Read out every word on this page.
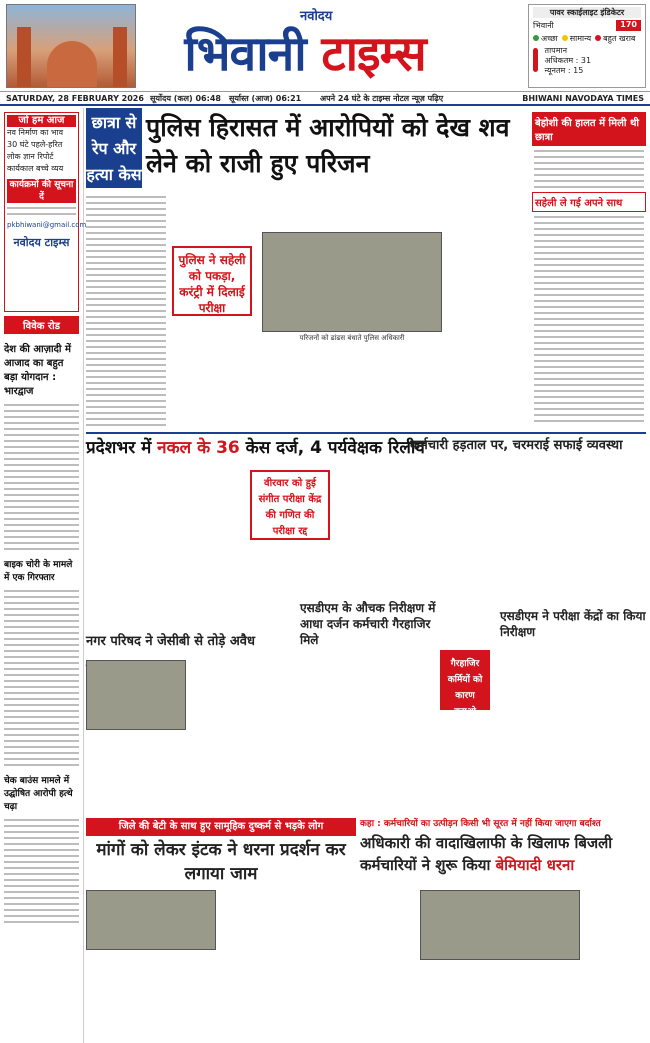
नवोदय
भिवानी टाइम्स
पावर स्काईलाइट इंडिकेटर
भिवानी	170
अच्छा	सामान्य	बहुत खराब

तापमान
अधिकतम : 31
न्यूनतम : 15
SATURDAY, 28 FEBRUARY 2026 सूर्योदय (कल) 06:48 सूर्यास्त (आज) 06:21 अपने 24 घंटे के टाइम्स नोटल न्यूज़ पढ़िए	BHIWANI NAVODAYA TIMES
जो हम आज
नव निर्माण का भाव
30 घंटे पहले-हरित
लोक ज्ञान रिपोर्ट
कार्यकाल बच्चे व्यय
कार्यक्रमों की सूचना दें
pkbhiwani@gmail.com
नवोदय टाइम्स
विवेक रोड
देश की आज़ादी में आजाद का बहुत बड़ा योगदान : भारद्वाज
बाइक चोरी के मामले में एक गिरफ्तार
चेक बाउंस मामले में उद्घोषित आरोपी हत्थे चढ़ा
छात्रा से रेप और हत्या केस
पुलिस हिरासत में आरोपियों को देख शव लेने को राजी हुए परिजन
बेहोशी की हालत में मिली थी छात्रा
सहेली ले गई अपने साथ
पुलिस ने सहेली को पकड़ा, करंट्री में दिलाई परीक्षा
परिजनों को ढांढस बंधाते पुलिस अधिकारी
प्रदेशभर में नकल के 36 केस दर्ज, 4 पर्यवेक्षक रिलीव
कर्मचारी हड़ताल पर, चरमराई सफाई व्यवस्था
वीरवार को हुई संगीत परीक्षा केंद्र की गणित की परीक्षा रद्द
नगर परिषद ने जेसीबी से तोड़े अवैध
एसडीएम के औचक निरीक्षण में आधा दर्जन कर्मचारी गैरहाजिर मिले
गैरहाजिर कर्मियों को कारण बताओ नोटिस
एसडीएम ने परीक्षा केंद्रों का किया निरीक्षण
जिले की बेटी के साथ हुए सामूहिक दुष्कर्म से भड़के लोग
मांगों को लेकर इंटक ने धरना प्रदर्शन कर लगाया जाम
कहा : कर्मचारियों का उत्पीड़न किसी भी सूरत में नहीं किया जाएगा बर्दाश्त
अधिकारी की वादाखिलाफी के खिलाफ बिजली कर्मचारियों ने शुरू किया बेमियादी धरना
